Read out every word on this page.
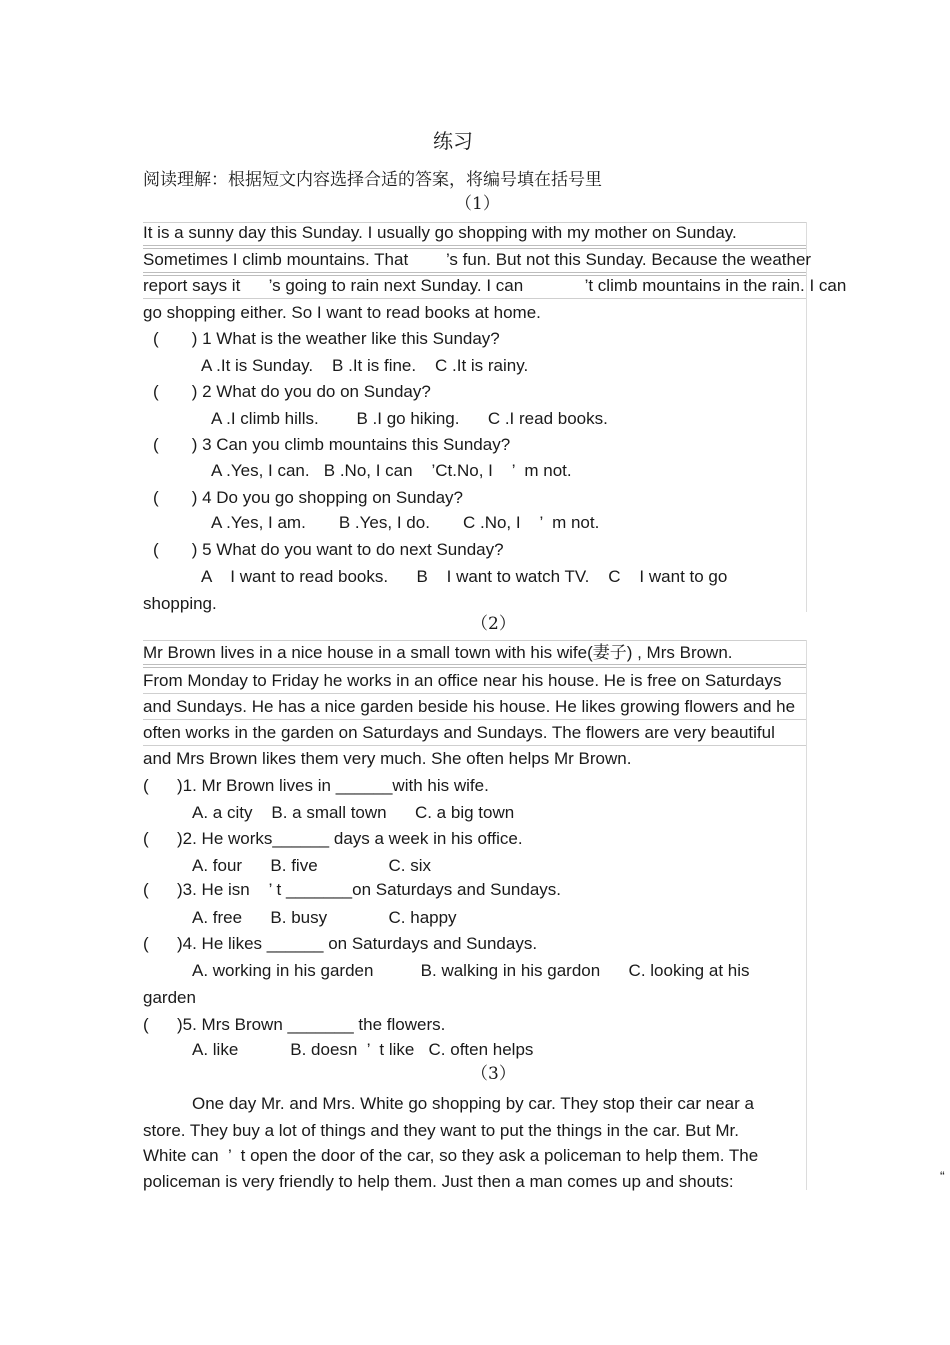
练习
阅读理解：根据短文内容选择合适的答案，将编号填在括号里
（1）
It is a sunny day this Sunday. I usually go shopping with my mother on Sunday.
Sometimes I climb mountains. That        ’s fun. But not this Sunday. Because the weather
report says it      ’s going to rain next Sunday. I can             ’t climb mountains in the rain. I can
go shopping either. So I want to read books at home.
(       ) 1 What is the weather like this Sunday?
A .It is Sunday.    B .It is fine.    C .It is rainy.
(       ) 2 What do you do on Sunday?
A .I climb hills.        B .I go hiking.      C .I read books.
(       ) 3 Can you climb mountains this Sunday?
A .Yes, I can.   B .No, I can    ’Ct.No, I    ’  m not.
(       ) 4 Do you go shopping on Sunday?
A .Yes, I am.       B .Yes, I do.       C .No, I    ’  m not.
(       ) 5 What do you want to do next Sunday?
A    I want to read books.      B    I want to watch TV.    C    I want to go
shopping.
（2）
Mr Brown lives in a nice house in a small town with his wife(妻子) , Mrs Brown.
From Monday to Friday he works in an office near his house. He is free on Saturdays
and Sundays. He has a nice garden beside his house. He likes growing flowers and he
often works in the garden on Saturdays and Sundays. The flowers are very beautiful
and Mrs Brown likes them very much. She often helps Mr Brown.
(      )1. Mr Brown lives in ______with his wife.
A. a city    B. a small town      C. a big town
(      )2. He works______ days a week in his office.
A. four      B. five               C. six
(      )3. He isn    ’ t _______on Saturdays and Sundays.
A. free      B. busy             C. happy
(      )4. He likes ______ on Saturdays and Sundays.
A. working in his garden          B. walking in his gardon      C. looking at his
garden
(      )5. Mrs Brown _______ the flowers.
A. like           B. doesn  ’  t like   C. often helps
（3）
One day Mr. and Mrs. White go shopping by car. They stop their car near a
store. They buy a lot of things and they want to put the things in the car. But Mr.
White can  ’  t open the door of the car, so they ask a policeman to help them. The
policeman is very friendly to help them. Just then a man comes up and shouts:	“
